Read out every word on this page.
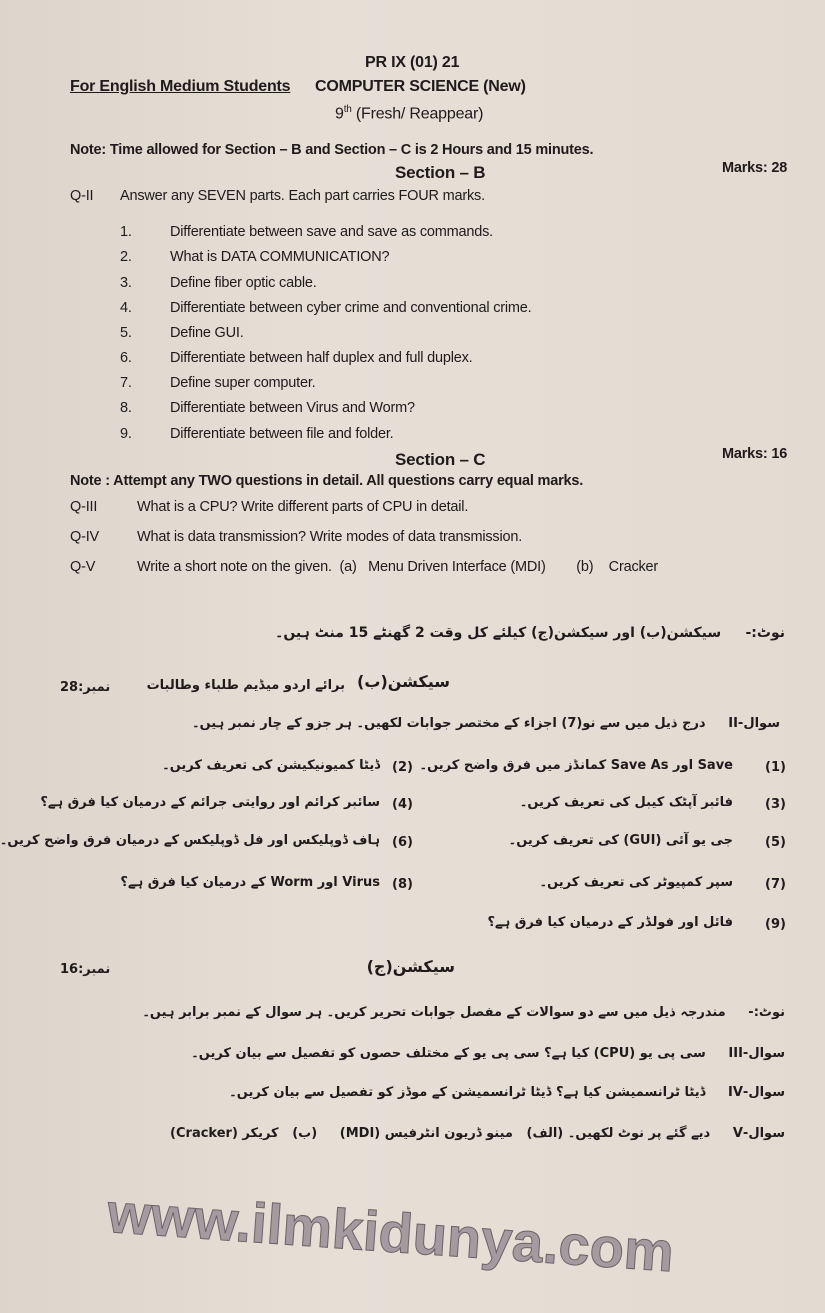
PR IX (01) 21
For English Medium Students COMPUTER SCIENCE (New)
9th (Fresh/ Reappear)
Note: Time allowed for Section – B and Section – C is 2 Hours and 15 minutes.
Section – B	Marks: 28
Q-II Answer any SEVEN parts. Each part carries FOUR marks.
1.	Differentiate between save and save as commands.
2.	What is DATA COMMUNICATION?
3.	Define fiber optic cable.
4.	Differentiate between cyber crime and conventional crime.
5.	Define GUI.
6.	Differentiate between half duplex and full duplex.
7.	Define super computer.
8.	Differentiate between Virus and Worm?
9.	Differentiate between file and folder.
Section – C	Marks: 16
Note : Attempt any TWO questions in detail. All questions carry equal marks.
Q-III	What is a CPU? Write different parts of CPU in detail.
Q-IV	What is data transmission? Write modes of data transmission.
Q-V	Write a short note on the given.  (a)   Menu Driven Interface (MDI)        (b)    Cracker
نوٹ:-     سیکشن(ب) اور سیکشن(ج) کیلئے کل وقت 2 گھنٹے 15 منٹ ہیں۔
سیکشن(ب)
برائے اردو میڈیم طلباء وطالبات
نمبر:28
سوال-II     درج ذیل میں سے نو(7) اجزاء کے مختصر جوابات لکھیں۔ ہر جزو کے چار نمبر ہیں۔
(1)
Save اور Save As کمانڈز میں فرق واضح کریں۔
(2)
ڈیٹا کمیونیکیشن کی تعریف کریں۔
(3)
فائبر آپٹک کیبل کی تعریف کریں۔
(4)
سائبر کرائم اور روایتی جرائم کے درمیان کیا فرق ہے؟
(5)
جی یو آئی (GUI) کی تعریف کریں۔
(6)
ہاف ڈوپلیکس اور فل ڈوپلیکس کے درمیان فرق واضح کریں۔
(7)
سپر کمپیوٹر کی تعریف کریں۔
(8)
Virus اور Worm کے درمیان کیا فرق ہے؟
(9)
فائل اور فولڈر کے درمیان کیا فرق ہے؟
سیکشن(ج)
نمبر:16
نوٹ:-     مندرجہ ذیل میں سے دو سوالات کے مفصل جوابات تحریر کریں۔ ہر سوال کے نمبر برابر ہیں۔
سوال-III     سی پی یو (CPU) کیا ہے؟ سی پی یو کے مختلف حصوں کو تفصیل سے بیان کریں۔
سوال-IV     ڈیٹا ٹرانسمیشن کیا ہے؟ ڈیٹا ٹرانسمیشن کے موڈز کو تفصیل سے بیان کریں۔
سوال-V     دیے گئے پر نوٹ لکھیں۔ (الف)   مینو ڈریون انٹرفیس (MDI)     (ب)   کریکر (Cracker)
www.ilmkidunya.com
